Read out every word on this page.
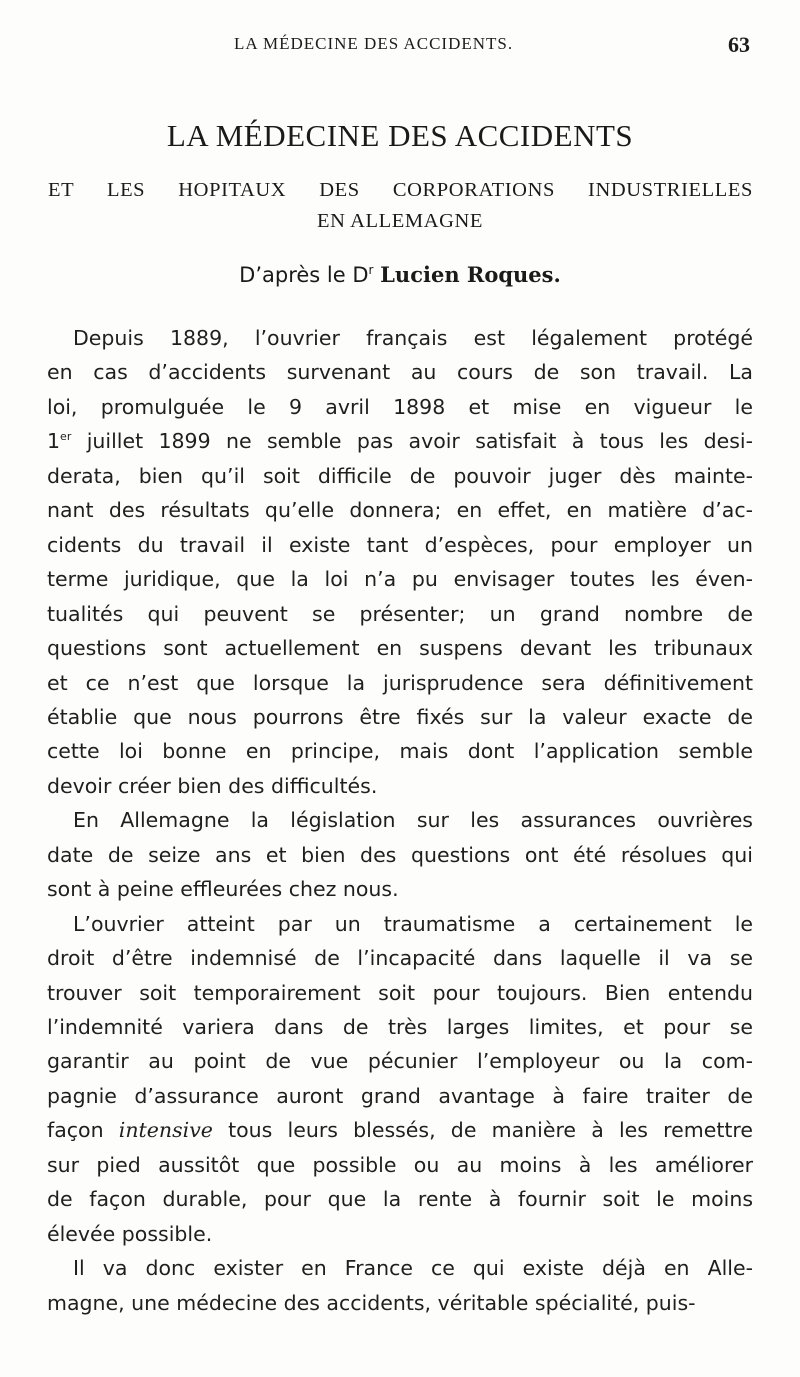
LA MÉDECINE DES ACCIDENTS.	63
LA MÉDECINE DES ACCIDENTS
ET LES HOPITAUX DES CORPORATIONS INDUSTRIELLES
EN ALLEMAGNE
D’après le $D^r$ Lucien Roques.
Depuis 1889, l’ouvrier français est légalement protégé
en cas d’accidents survenant au cours de son travail. La
loi, promulguée le 9 avril 1898 et mise en vigueur le
1er juillet 1899 ne semble pas avoir satisfait à tous les desi-
derata, bien qu’il soit difficile de pouvoir juger dès mainte-
nant des résultats qu’elle donnera; en effet, en matière d’ac-
cidents du travail il existe tant d’espèces, pour employer un
terme juridique, que la loi n’a pu envisager toutes les éven-
tualités qui peuvent se présenter; un grand nombre de
questions sont actuellement en suspens devant les tribunaux
et ce n’est que lorsque la jurisprudence sera définitivement
établie que nous pourrons être fixés sur la valeur exacte de
cette loi bonne en principe, mais dont l’application semble
devoir créer bien des difficultés.
En Allemagne la législation sur les assurances ouvrières
date de seize ans et bien des questions ont été résolues qui
sont à peine effleurées chez nous.
L’ouvrier atteint par un traumatisme a certainement le
droit d’être indemnisé de l’incapacité dans laquelle il va se
trouver soit temporairement soit pour toujours. Bien entendu
l’indemnité variera dans de très larges limites, et pour se
garantir au point de vue pécunier l’employeur ou la com-
pagnie d’assurance auront grand avantage à faire traiter de
façon intensive tous leurs blessés, de manière à les remettre
sur pied aussitôt que possible ou au moins à les améliorer
de façon durable, pour que la rente à fournir soit le moins
élevée possible.
Il va donc exister en France ce qui existe déjà en Alle-
magne, une médecine des accidents, véritable spécialité, puis-
